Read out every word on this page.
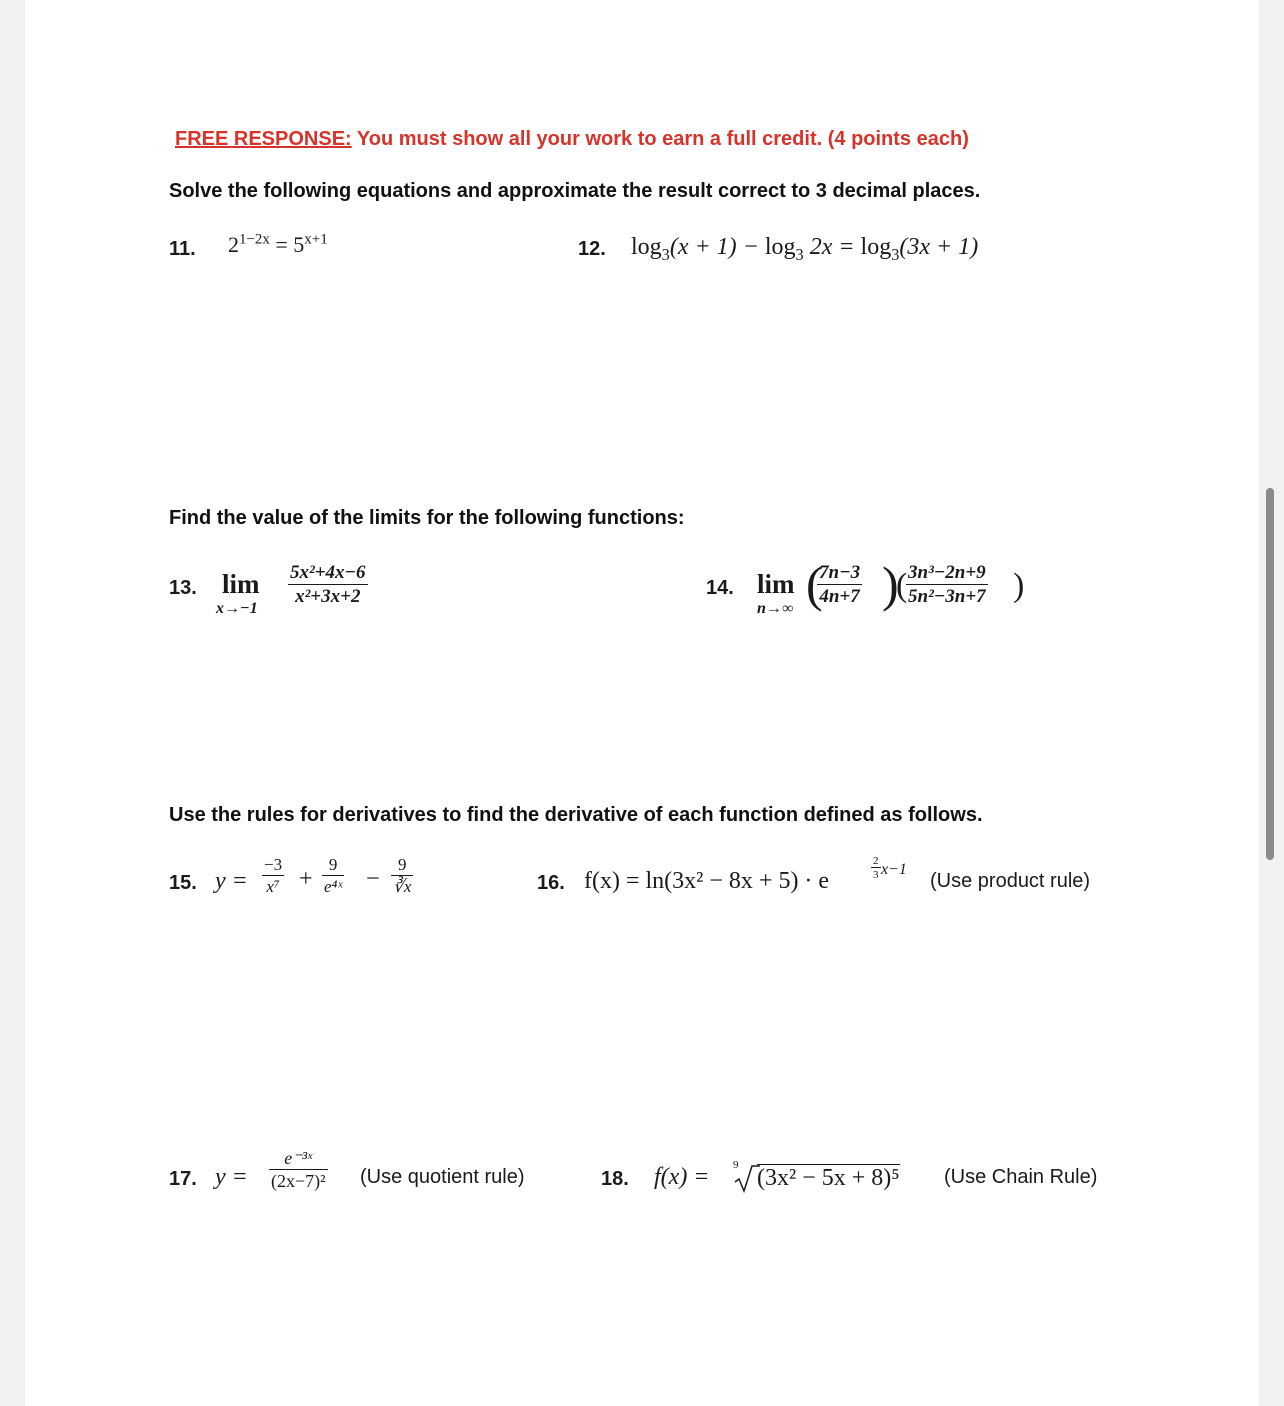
FREE RESPONSE: You must show all your work to earn a full credit. (4 points each)
Solve the following equations and approximate the result correct to 3 decimal places.
11. $2^{1-2x} = 5^{x+1}$	12. $\log_3(x + 1) - \log_3 2x = \log_3(3x + 1)$
Find the value of the limits for the following functions:
13. lim
x→−1
$\frac{\text{5x²+4x−6}}{\text{x²+3x+2}}$	14. lim
n→∞ (
$\frac{7n-3}{4n+7}$ )
(
$\frac{\text{3n³−2n+9}}{\text{5n²−3n+7}}$ )
Use the rules for derivatives to find the derivative of each function defined as follows.
15. $y = \frac{-3}{\text{x⁷}} + \frac{9}{\text{e⁴ˣ}} - \frac{9}{∛x}$	16. f(x) = ln(3x² − 8x + 5) · e	$\frac{2}{3} x-1$
(Use product rule)
17. $y = \frac{\text{e⁻³ˣ}}{\text{(2x−7)²}} (Use$ quotient rule)	18. f(x) = 9 (3x² − 5x + 8)⁵ (Use Chain Rule)
